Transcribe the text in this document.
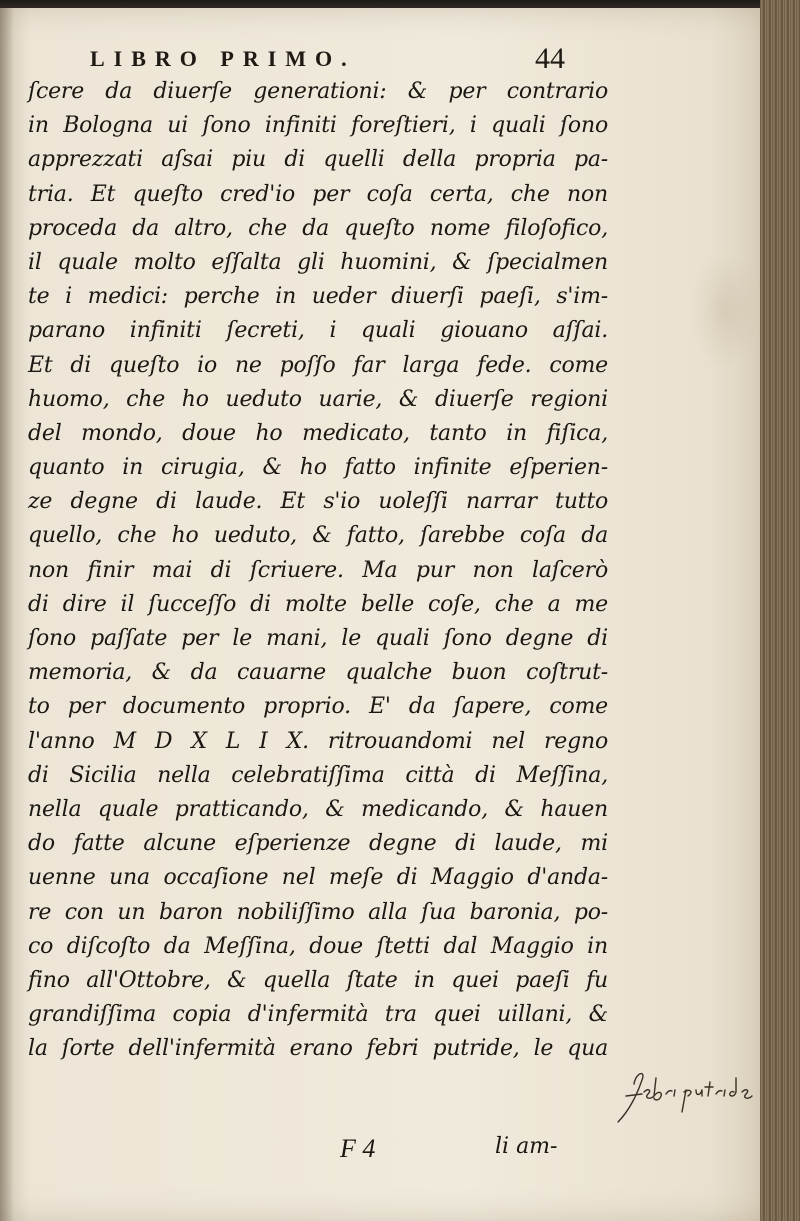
LIBRO PRIMO.	44
ſcere da diuerſe generationi: & per contrario
in Bologna ui ſono infiniti foreſtieri, i quali ſono
apprezzati aſsai piu di quelli della propria pa-
tria. Et queſto cred'io per coſa certa, che non
proceda da altro, che da queſto nome filoſofico,
il quale molto eſſalta gli huomini, & ſpecialmen
te i medici: perche in ueder diuerſi paeſi, s'im-
parano infiniti ſecreti, i quali giouano aſſai.
Et di queſto io ne poſſo far larga fede. come
huomo, che ho ueduto uarie, & diuerſe regioni
del mondo, doue ho medicato, tanto in fiſica,
quanto in cirugia, & ho fatto infinite eſperien-
ze degne di laude. Et s'io uoleſſi narrar tutto
quello, che ho ueduto, & fatto, ſarebbe coſa da
non finir mai di ſcriuere. Ma pur non laſcerò
di dire il ſucceſſo di molte belle coſe, che a me
ſono paſſate per le mani, le quali ſono degne di
memoria, & da cauarne qualche buon coſtrut-
to per documento proprio. E' da ſapere, come
l'anno M D X L I X. ritrouandomi nel regno
di Sicilia nella celebratiſſima città di Meſſina,
nella quale pratticando, & medicando, & hauen
do fatte alcune eſperienze degne di laude, mi
uenne una occaſione nel meſe di Maggio d'anda-
re con un baron nobiliſſimo alla ſua baronia, po-
co diſcoſto da Meſſina, doue ſtetti dal Maggio in
fino all'Ottobre, & quella ſtate in quei paeſi fu
grandiſſima copia d'infermità tra quei uillani, &
la ſorte dell'infermità erano febri putride, le qua
F 4	li am-
